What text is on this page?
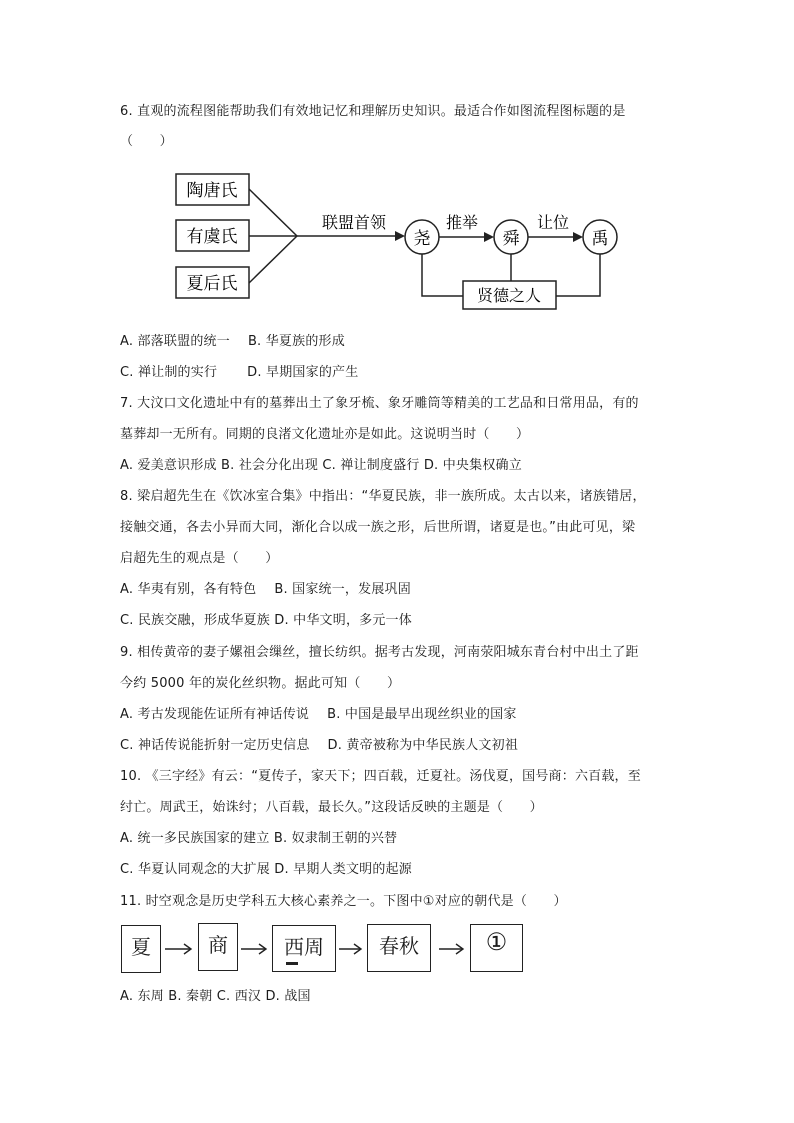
6. 直观的流程图能帮助我们有效地记忆和理解历史知识。最适合作如图流程图标题的是
（　　）
陶唐氏
有虞氏
夏后氏
联盟首领
尧	舜	禹
推举	让位
贤德之人
A. 部落联盟的统一 B. 华夏族的形成
C. 禅让制的实行 D. 早期国家的产生
7. 大汶口文化遗址中有的墓葬出土了象牙梳、象牙雕筒等精美的工艺品和日常用品，有的
墓葬却一无所有。同期的良渚文化遗址亦是如此。这说明当时（　　）
A. 爱美意识形成 B. 社会分化出现 C. 禅让制度盛行 D. 中央集权确立
8. 梁启超先生在《饮冰室合集》中指出：“华夏民族，非一族所成。太古以来，诸族错居，
接触交通，各去小异而大同，渐化合以成一族之形，后世所谓，诸夏是也。”由此可见，梁
启超先生的观点是（　　）
A. 华夷有别，各有特色 B. 国家统一，发展巩固
C. 民族交融，形成华夏族 D. 中华文明，多元一体
9. 相传黄帝的妻子嫘祖会缫丝，擅长纺织。据考古发现，河南荥阳城东青台村中出土了距
今约 5000 年的炭化丝织物。据此可知（　　）
A. 考古发现能佐证所有神话传说 B. 中国是最早出现丝织业的国家
C. 神话传说能折射一定历史信息 D. 黄帝被称为中华民族人文初祖
10. 《三字经》有云：“夏传子，家天下；四百载，迁夏社。汤伐夏，国号商：六百载，至
纣亡。周武王，始诛纣；八百载，最长久。”这段话反映的主题是（　　）
A. 统一多民族国家的建立 B. 奴隶制王朝的兴替
C. 华夏认同观念的大扩展 D. 早期人类文明的起源
11. 时空观念是历史学科五大核心素养之一。下图中①对应的朝代是（　　）
夏	商	西周	春秋	①
A. 东周 B. 秦朝 C. 西汉 D. 战国
